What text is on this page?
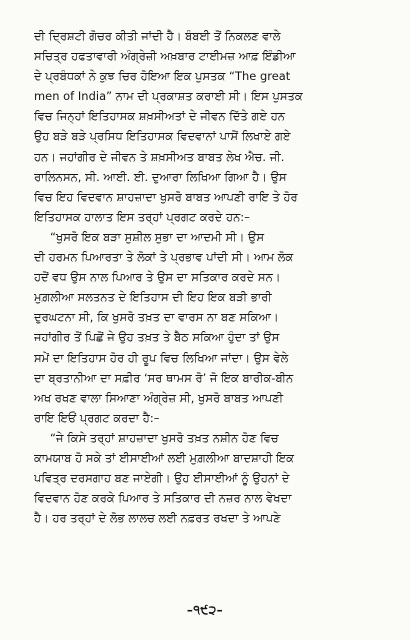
ਦੀ ਦ੍ਰਿਸ਼ਟੀ ਗੋਚਰ ਕੀਤੀ ਜਾਂਦੀ ਹੈ। ਬੰਬਈ ਤੋਂ ਨਿਕਲਣ ਵਾਲੇ
ਸਚਿਤ੍ਰ ਹਫਤਾਵਾਰੀ ਅੰਗ੍ਰੇਜ਼ੀ ਅਖ਼ਬਾਰ ਟਾਈਮਜ਼ ਆਫ਼ ਇੰਡੀਆ
ਦੇ ਪ੍ਰਬੰਧਕਾਂ ਨੇ ਕੁਝ ਚਿਰ ਹੋਇਆ ਇਕ ਪੁਸਤਕ “The great
men of India” ਨਾਮ ਦੀ ਪ੍ਰਕਾਸ਼ਤ ਕਰਾਈ ਸੀ। ਇਸ ਪੁਸਤਕ
ਵਿਚ ਜਿਨ੍ਹਾਂ ਇਤਿਹਾਸਕ ਸ਼ਖ਼ਸੀਅਤਾਂ ਦੇ ਜੀਵਨ ਦਿੱਤੇ ਗਏ ਹਨ
ਉਹ ਬੜੇ ਬੜੇ ਪ੍ਰਸਿਧ ਇਤਿਹਾਸਕ ਵਿਦਵਾਨਾਂ ਪਾਸੋਂ ਲਿਖਾਏ ਗਏ
ਹਨ। ਜਹਾਂਗੀਰ ਦੇ ਜੀਵਨ ਤੇ ਸ਼ਖ਼ਸੀਅਤ ਬਾਬਤ ਲੇਖ ਐਚ. ਜੀ.
ਰਾਲਿਨਸਨ, ਸੀ. ਆਈ. ਈ. ਦੁਆਰਾ ਲਿਖਿਆ ਗਿਆ ਹੈ। ਉਸ
ਵਿਚ ਇਹ ਵਿਦਵਾਨ ਸ਼ਾਹਜ਼ਾਦਾ ਖੁਸਰੋ ਬਾਬਤ ਆਪਣੀ ਰਾਇ ਤੇ ਹੋਰ
ਇਤਿਹਾਸਕ ਹਾਲਾਤ ਇਸ ਤਰ੍ਹਾਂ ਪ੍ਰਗਟ ਕਰਦੇ ਹਨ:–
“ਖੁਸਰੋ ਇਕ ਬੜਾ ਸੁਸ਼ੀਲ ਸੁਭਾ ਦਾ ਆਦਮੀ ਸੀ। ਉਸ
ਦੀ ਹਰਮਨ ਪਿਆਰਤਾ ਤੇ ਲੋਕਾਂ ਤੇ ਪ੍ਰਭਾਵ ਪਾਂਦੀ ਸੀ। ਆਮ ਲੋਕ
ਹਦੋਂ ਵਧ ਉਸ ਨਾਲ ਪਿਆਰ ਤੇ ਉਸ ਦਾ ਸਤਿਕਾਰ ਕਰਦੇ ਸਨ।
ਮੁਗ਼ਲੀਆ ਸਲਤਨਤ ਦੇ ਇਤਿਹਾਸ ਦੀ ਇਹ ਇਕ ਬੜੀ ਭਾਰੀ
ਦੁਰਘਟਨਾ ਸੀ, ਕਿ ਖੁਸਰੋ ਤਖ਼ਤ ਦਾ ਵਾਰਸ ਨਾ ਬਣ ਸਕਿਆ।
ਜਹਾਂਗੀਰ ਤੋਂ ਪਿਛੋਂ ਜੇ ਉਹ ਤਖ਼ਤ ਤੇ ਬੈਠ ਸਕਿਆ ਹੁੰਦਾ ਤਾਂ ਉਸ
ਸਮੇਂ ਦਾ ਇਤਿਹਾਸ ਹੋਰ ਹੀ ਰੂਪ ਵਿਚ ਲਿਖਿਆ ਜਾਂਦਾ। ਉਸ ਵੇਲੇ
ਦਾ ਬ੍ਰਤਾਨੀਆ ਦਾ ਸਫ਼ੀਰ ‘ਸਰ ਥਾਮਸ ਰੋ’ ਜੋ ਇਕ ਬਾਰੀਕ-ਬੀਨ
ਅਖ ਰਖਣ ਵਾਲਾ ਸਿਆਣਾ ਅੰਗ੍ਰੇਜ਼ ਸੀ, ਖੁਸਰੋ ਬਾਬਤ ਆਪਣੀ
ਰਾਇ ਇਓਂ ਪ੍ਰਗਟ ਕਰਦਾ ਹੈ:–
“ਜੇ ਕਿਸੇ ਤਰ੍ਹਾਂ ਸ਼ਾਹਜ਼ਾਦਾ ਖੁਸਰੋ ਤਖ਼ਤ ਨਸ਼ੀਨ ਹੋਣ ਵਿਚ
ਕਾਮਯਾਬ ਹੋ ਸਕੇ ਤਾਂ ਈਸਾਈਆਂ ਲਈ ਮੁਗ਼ਲੀਆ ਬਾਦਸ਼ਾਹੀ ਇਕ
ਪਵਿਤ੍ਰ ਦਰਸਗਾਹ ਬਣ ਜਾਏਗੀ। ਉਹ ਈਸਾਈਆਂ ਨੂੰ ਉਹਨਾਂ ਦੇ
ਵਿਦਵਾਨ ਹੋਣ ਕਰਕੇ ਪਿਆਰ ਤੇ ਸਤਿਕਾਰ ਦੀ ਨਜ਼ਰ ਨਾਲ ਵੇਖਦਾ
ਹੈ। ਹਰ ਤਰ੍ਹਾਂ ਦੇ ਲੋਭ ਲਾਲਚ ਲਈ ਨਫ਼ਰਤ ਰਖਦਾ ਤੇ ਆਪਣੇ
–੧੯੨–
